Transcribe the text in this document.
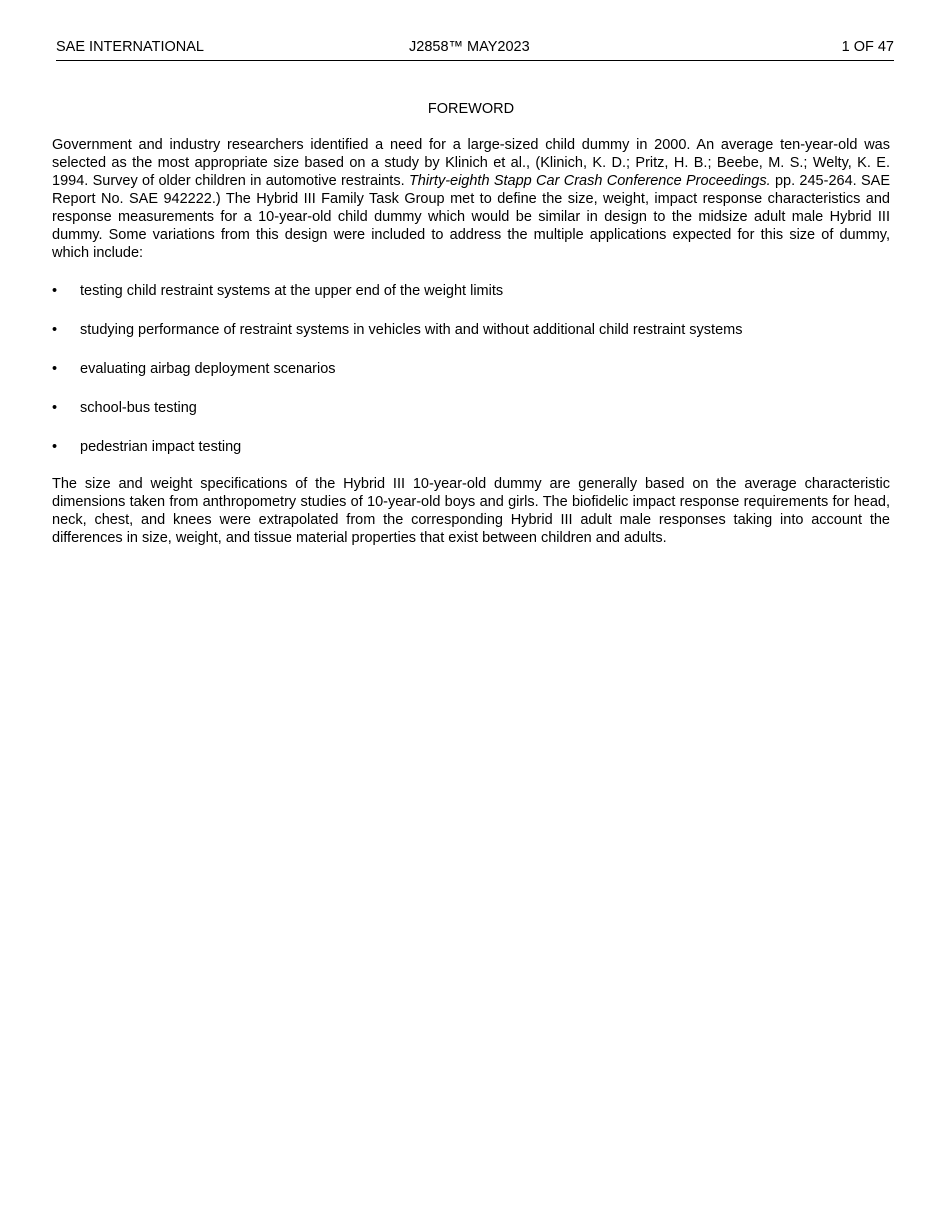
SAE INTERNATIONAL	J2858™ MAY2023	1 OF 47
FOREWORD

Government and industry researchers identified a need for a large-sized child dummy in 2000. An average ten-year-old was selected as the most appropriate size based on a study by Klinich et al., (Klinich, K. D.; Pritz, H. B.; Beebe, M. S.; Welty, K. E. 1994. Survey of older children in automotive restraints. Thirty-eighth Stapp Car Crash Conference Proceedings. pp. 245-264. SAE Report No. SAE 942222.) The Hybrid III Family Task Group met to define the size, weight, impact response characteristics and response measurements for a 10-year-old child dummy which would be similar in design to the midsize adult male Hybrid III dummy. Some variations from this design were included to address the multiple applications expected for this size of dummy, which include:

• testing child restraint systems at the upper end of the weight limits
• studying performance of restraint systems in vehicles with and without additional child restraint systems
• evaluating airbag deployment scenarios
• school-bus testing
• pedestrian impact testing

The size and weight specifications of the Hybrid III 10-year-old dummy are generally based on the average characteristic dimensions taken from anthropometry studies of 10-year-old boys and girls. The biofidelic impact response requirements for head, neck, chest, and knees were extrapolated from the corresponding Hybrid III adult male responses taking into account the differences in size, weight, and tissue material properties that exist between children and adults.
